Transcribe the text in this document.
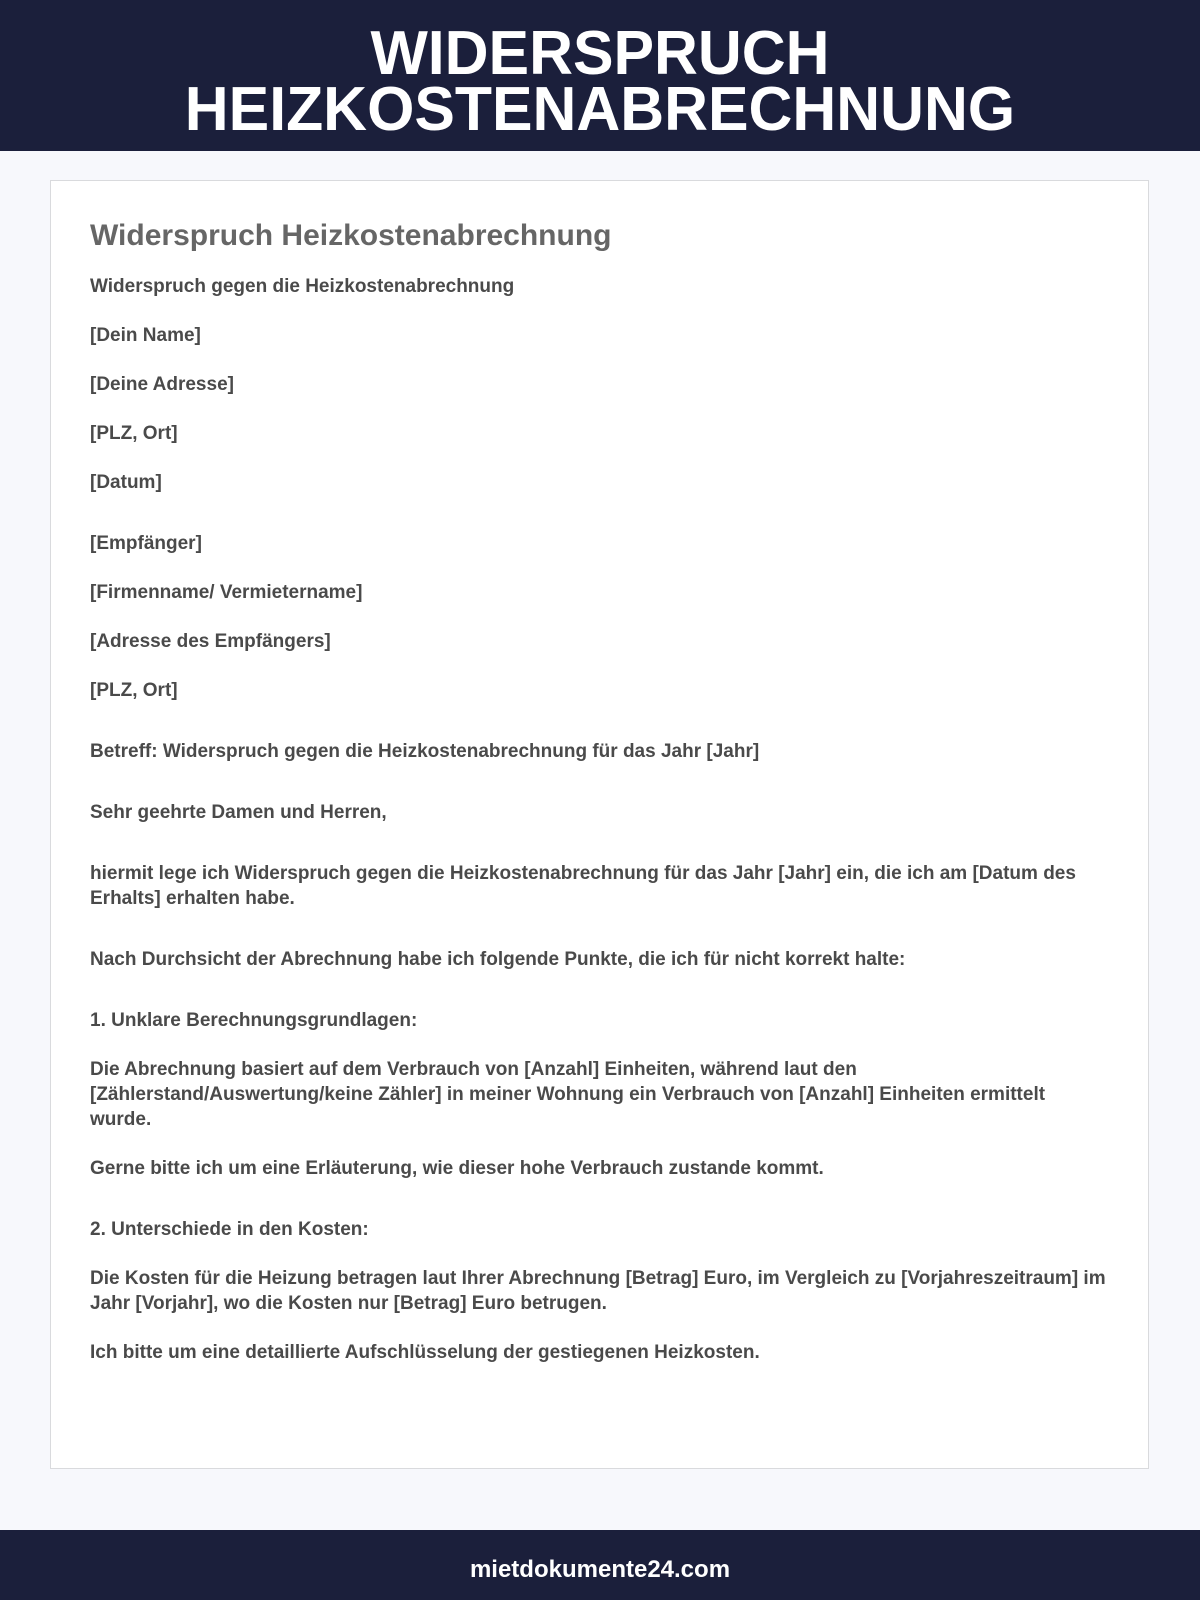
WIDERSPRUCH
HEIZKOSTENABRECHNUNG
Widerspruch Heizkostenabrechnung

Widerspruch gegen die Heizkostenabrechnung

[Dein Name]

[Deine Adresse]

[PLZ, Ort]

[Datum]

[Empfänger]

[Firmenname/ Vermietername]

[Adresse des Empfängers]

[PLZ, Ort]

Betreff: Widerspruch gegen die Heizkostenabrechnung für das Jahr [Jahr]

Sehr geehrte Damen und Herren,

hiermit lege ich Widerspruch gegen die Heizkostenabrechnung für das Jahr [Jahr] ein, die ich am [Datum des Erhalts] erhalten habe.

Nach Durchsicht der Abrechnung habe ich folgende Punkte, die ich für nicht korrekt halte:

1. Unklare Berechnungsgrundlagen:

Die Abrechnung basiert auf dem Verbrauch von [Anzahl] Einheiten, während laut den [Zählerstand/Auswertung/keine Zähler] in meiner Wohnung ein Verbrauch von [Anzahl] Einheiten ermittelt wurde.

Gerne bitte ich um eine Erläuterung, wie dieser hohe Verbrauch zustande kommt.

2. Unterschiede in den Kosten:

Die Kosten für die Heizung betragen laut Ihrer Abrechnung [Betrag] Euro, im Vergleich zu [Vorjahreszeitraum] im Jahr [Vorjahr], wo die Kosten nur [Betrag] Euro betrugen.

Ich bitte um eine detaillierte Aufschlüsselung der gestiegenen Heizkosten.

mietdokumente24.com
